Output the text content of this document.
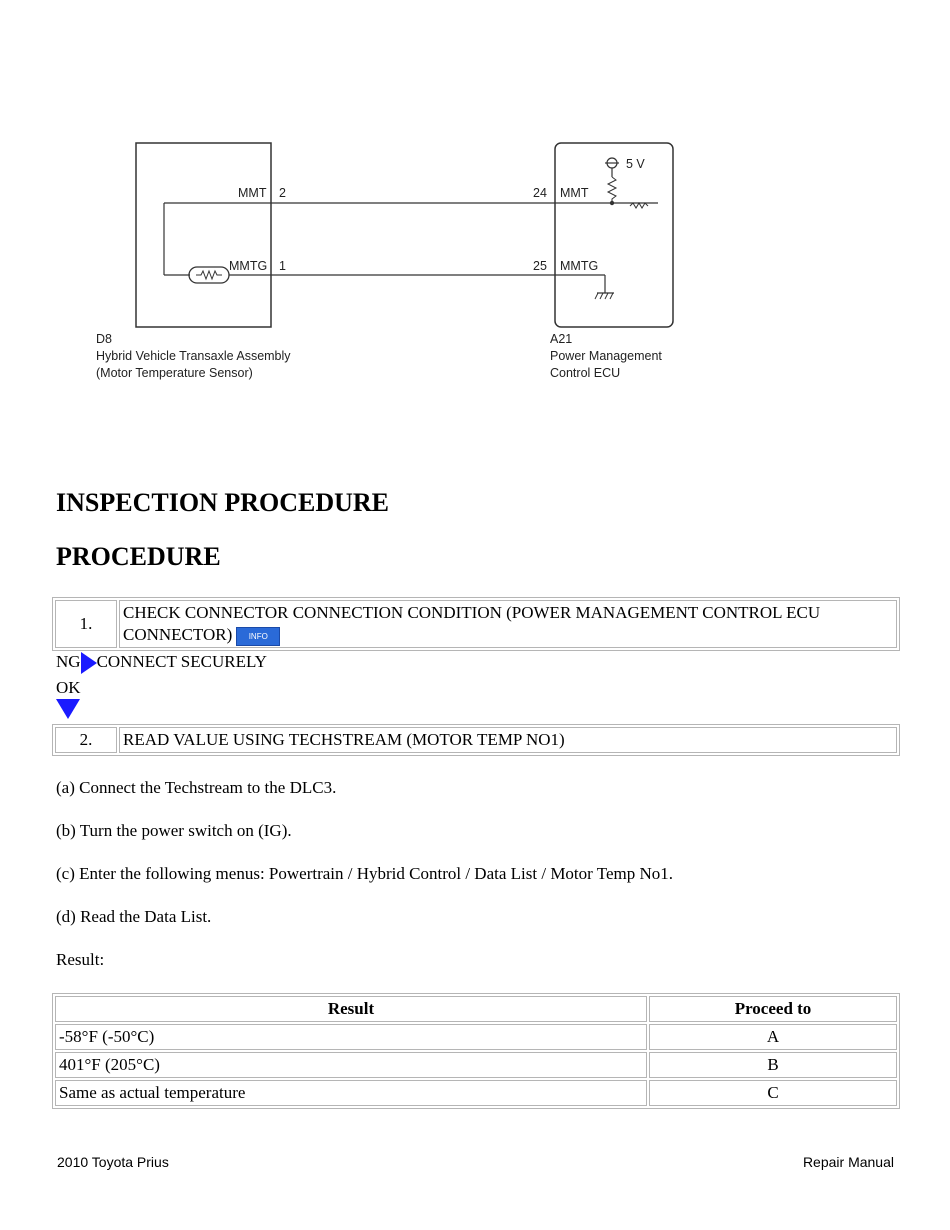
5 V
MMT 2
MMTG 1
24 MMT
25 MMTG
D8
Hybrid Vehicle Transaxle Assembly
(Motor Temperature Sensor)
A21
Power Management
Control ECU
INSPECTION PROCEDURE
PROCEDURE
1.	CHECK CONNECTOR CONNECTION CONDITION (POWER MANAGEMENT CONTROL ECU CONNECTOR) INFO
NG CONNECT SECURELY
OK
2.	READ VALUE USING TECHSTREAM (MOTOR TEMP NO1)

(a) Connect the Techstream to the DLC3.

(b) Turn the power switch on (IG).

(c) Enter the following menus: Powertrain / Hybrid Control / Data List / Motor Temp No1.

(d) Read the Data List.

Result:

Result	Proceed to
-58°F (-50°C)	A
401°F (205°C)	B
Same as actual temperature	C
2010 Toyota Prius	Repair Manual
